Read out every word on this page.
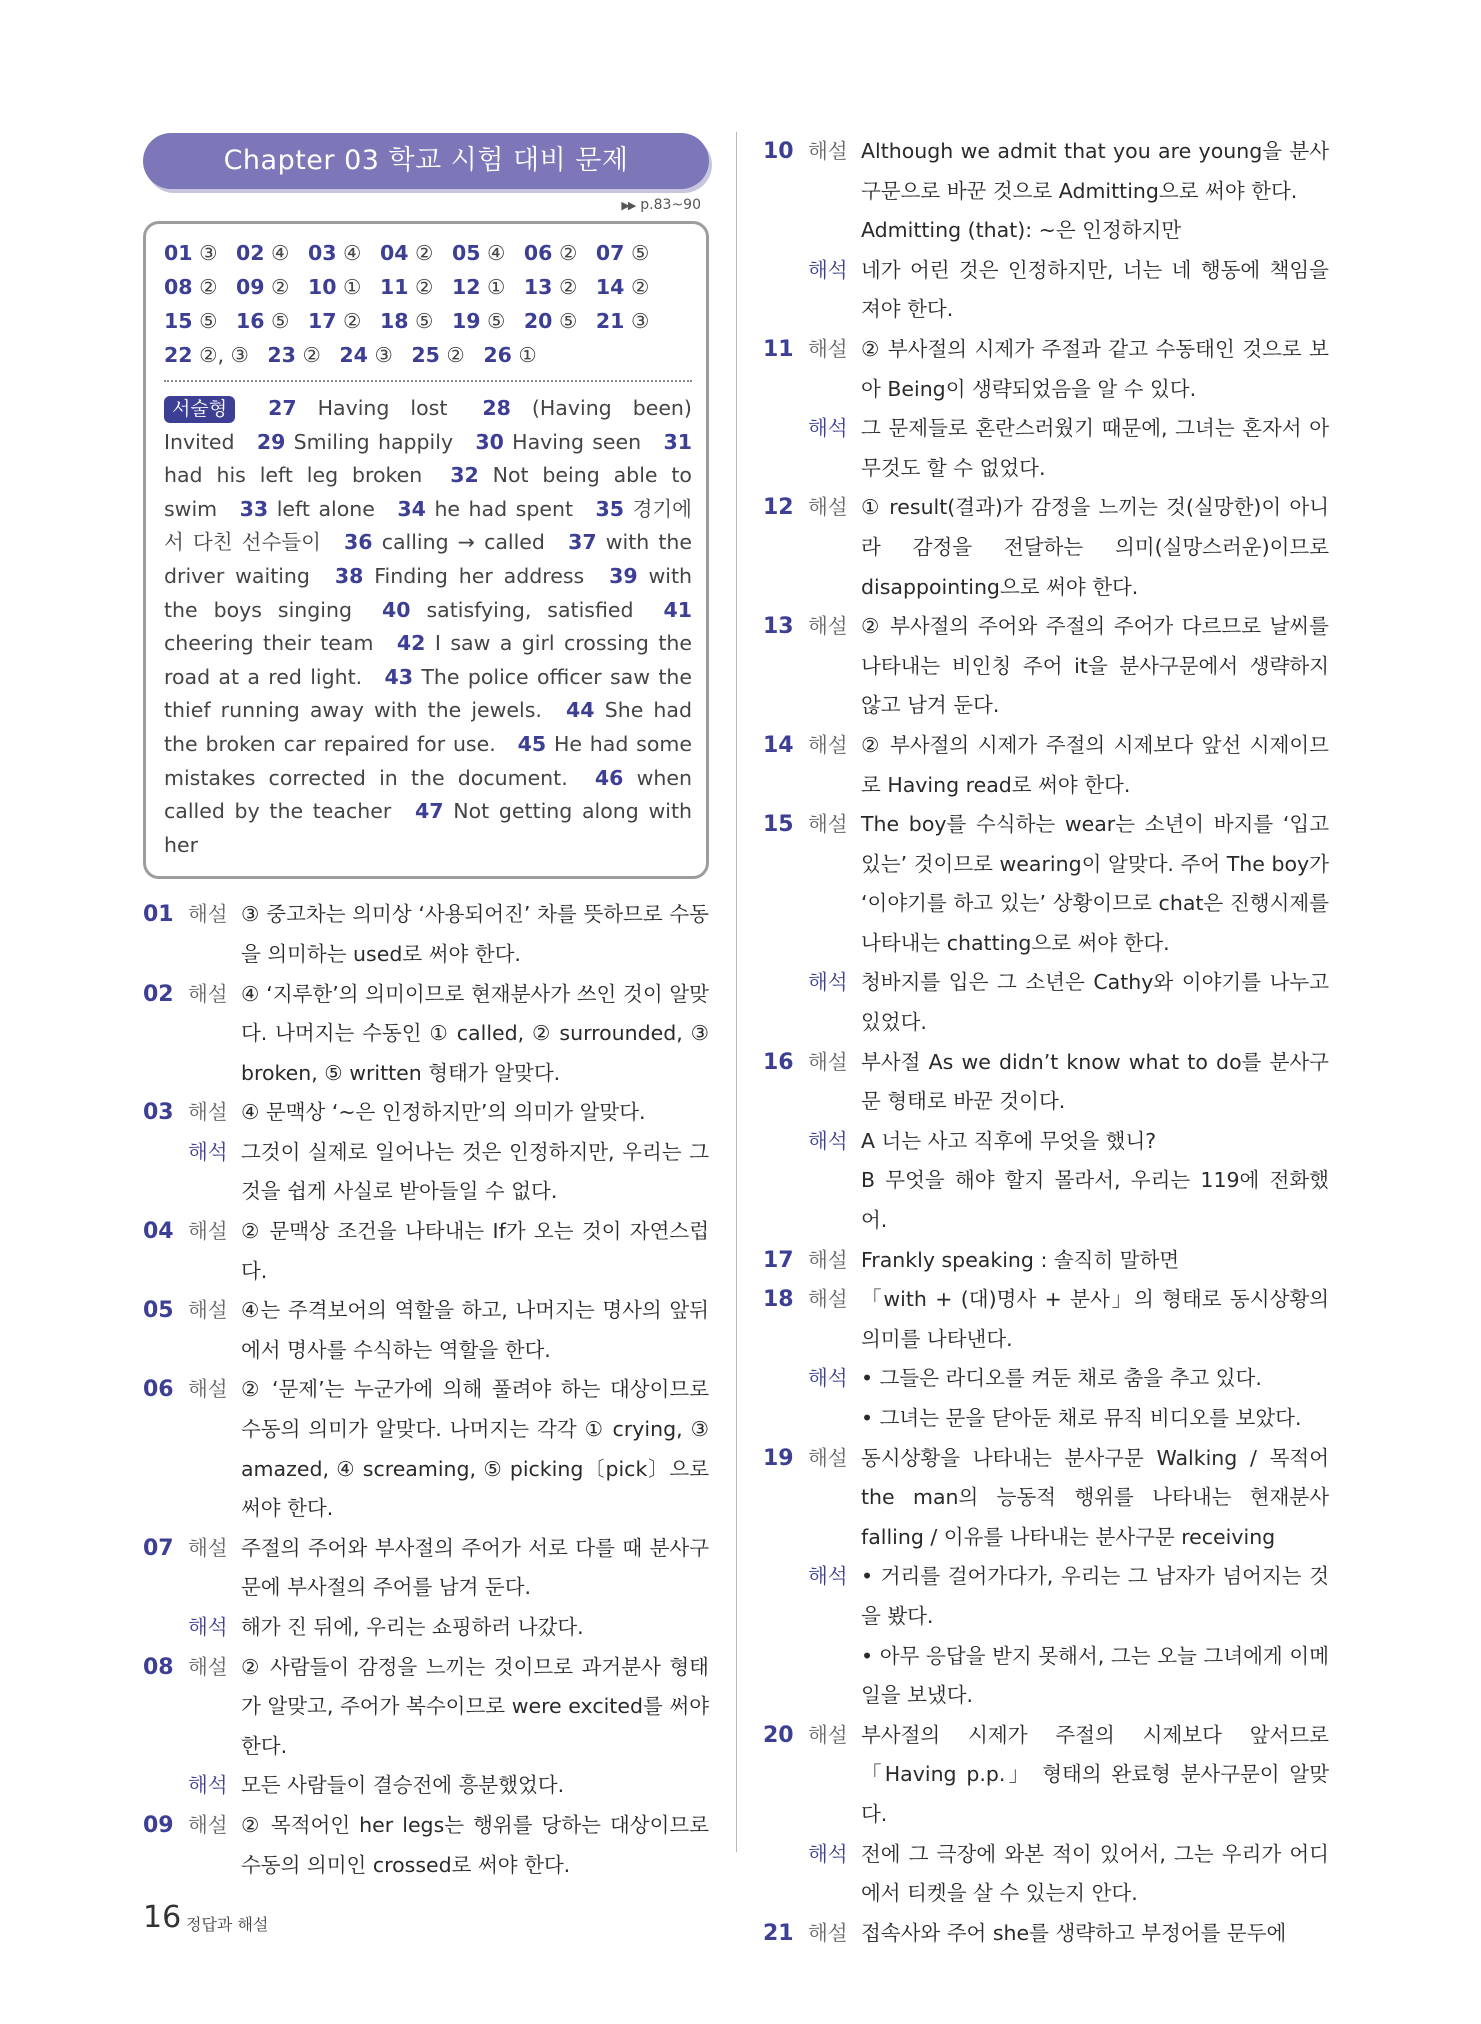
Chapter 03 학교 시험 대비 문제
▶▶ p.83~90
01 ③ 02 ④ 03 ④ 04 ② 05 ④ 06 ② 07 ⑤ 08 ② 09 ② 10 ① 11 ② 12 ① 13 ② 14 ② 15 ⑤ 16 ⑤ 17 ② 18 ⑤ 19 ⑤ 20 ⑤ 21 ③ 22 ②, ③ 23 ② 24 ③ 25 ② 26 ①
서술형 27 Having lost 28 (Having been) Invited 29 Smiling happily 30 Having seen 31 had his left leg broken 32 Not being able to swim 33 left alone 34 he had spent 35 경기에서 다친 선수들이 36 calling → called 37 with the driver waiting 38 Finding her address 39 with the boys singing 40 satisfying, satisfied 41 cheering their team 42 I saw a girl crossing the road at a red light. 43 The police officer saw the thief running away with the jewels. 44 She had the broken car repaired for use. 45 He had some mistakes corrected in the document. 46 when called by the teacher 47 Not getting along with her
01 해설 ③ 중고차는 의미상 ‘사용되어진’ 차를 뜻하므로 수동을 의미하는 used로 써야 한다.
02 해설 ④ ‘지루한’의 의미이므로 현재분사가 쓰인 것이 알맞다. 나머지는 수동인 ① called, ② surrounded, ③ broken, ⑤ written 형태가 알맞다.
03 해설 ④ 문맥상 ‘~은 인정하지만’의 의미가 알맞다.
해석 그것이 실제로 일어나는 것은 인정하지만, 우리는 그것을 쉽게 사실로 받아들일 수 없다.
04 해설 ② 문맥상 조건을 나타내는 If가 오는 것이 자연스럽다.
05 해설 ④는 주격보어의 역할을 하고, 나머지는 명사의 앞뒤에서 명사를 수식하는 역할을 한다.
06 해설 ② ‘문제’는 누군가에 의해 풀려야 하는 대상이므로 수동의 의미가 알맞다. 나머지는 각각 ① crying, ③ amazed, ④ screaming, ⑤ picking〔pick〕으로 써야 한다.
07 해설 주절의 주어와 부사절의 주어가 서로 다를 때 분사구문에 부사절의 주어를 남겨 둔다.
해석 해가 진 뒤에, 우리는 쇼핑하러 나갔다.
08 해설 ② 사람들이 감정을 느끼는 것이므로 과거분사 형태가 알맞고, 주어가 복수이므로 were excited를 써야 한다.
해석 모든 사람들이 결승전에 흥분했었다.
09 해설 ② 목적어인 her legs는 행위를 당하는 대상이므로 수동의 의미인 crossed로 써야 한다.
10 해설 Although we admit that you are young을 분사구문으로 바꾼 것으로 Admitting으로 써야 한다.
Admitting (that): ~은 인정하지만
해석 네가 어린 것은 인정하지만, 너는 네 행동에 책임을 져야 한다.
11 해설 ② 부사절의 시제가 주절과 같고 수동태인 것으로 보아 Being이 생략되었음을 알 수 있다.
해석 그 문제들로 혼란스러웠기 때문에, 그녀는 혼자서 아무것도 할 수 없었다.
12 해설 ① result(결과)가 감정을 느끼는 것(실망한)이 아니라 감정을 전달하는 의미(실망스러운)이므로 disappointing으로 써야 한다.
13 해설 ② 부사절의 주어와 주절의 주어가 다르므로 날씨를 나타내는 비인칭 주어 it을 분사구문에서 생략하지 않고 남겨 둔다.
14 해설 ② 부사절의 시제가 주절의 시제보다 앞선 시제이므로 Having read로 써야 한다.
15 해설 The boy를 수식하는 wear는 소년이 바지를 ‘입고 있는’ 것이므로 wearing이 알맞다. 주어 The boy가 ‘이야기를 하고 있는’ 상황이므로 chat은 진행시제를 나타내는 chatting으로 써야 한다.
해석 청바지를 입은 그 소년은 Cathy와 이야기를 나누고 있었다.
16 해설 부사절 As we didn’t know what to do를 분사구문 형태로 바꾼 것이다.
해석 A 너는 사고 직후에 무엇을 했니?
B 무엇을 해야 할지 몰라서, 우리는 119에 전화했어.
17 해설 Frankly speaking : 솔직히 말하면
18 해설 「with + (대)명사 + 분사」의 형태로 동시상황의 의미를 나타낸다.
해석	• 그들은 라디오를 켜둔 채로 춤을 추고 있다.
• 그녀는 문을 닫아둔 채로 뮤직 비디오를 보았다.
19 해설 동시상황을 나타내는 분사구문 Walking / 목적어 the man의 능동적 행위를 나타내는 현재분사 falling / 이유를 나타내는 분사구문 receiving
해석	• 거리를 걸어가다가, 우리는 그 남자가 넘어지는 것을 봤다.
• 아무 응답을 받지 못해서, 그는 오늘 그녀에게 이메일을 보냈다.
20 해설 부사절의 시제가 주절의 시제보다 앞서므로 「Having p.p.」 형태의 완료형 분사구문이 알맞다.
해석 전에 그 극장에 와본 적이 있어서, 그는 우리가 어디에서 티켓을 살 수 있는지 안다.
21 해설 접속사와 주어 she를 생략하고 부정어를 문두에
16 정답과 해설
